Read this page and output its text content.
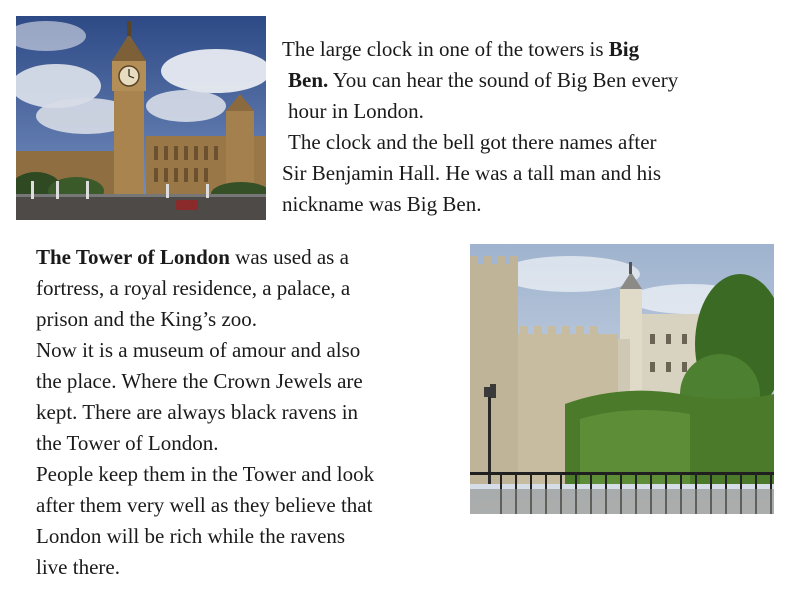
The large clock in one of the towers is Big

Ben. You can hear the sound of Big Ben every

hour in London.

The clock and the bell got there names after

Sir Benjamin Hall. He was a tall man and his

nickname was Big Ben.

The Tower of London was used as a

fortress, a royal residence, a palace, a

prison and the King’s zoo.

Now it is a museum of amour and also

the place. Where the Crown Jewels are

kept. There are always black ravens in

the Tower of London.

People keep them in the Tower and look

after them very well as they believe that

London will be rich while the ravens

live there.
